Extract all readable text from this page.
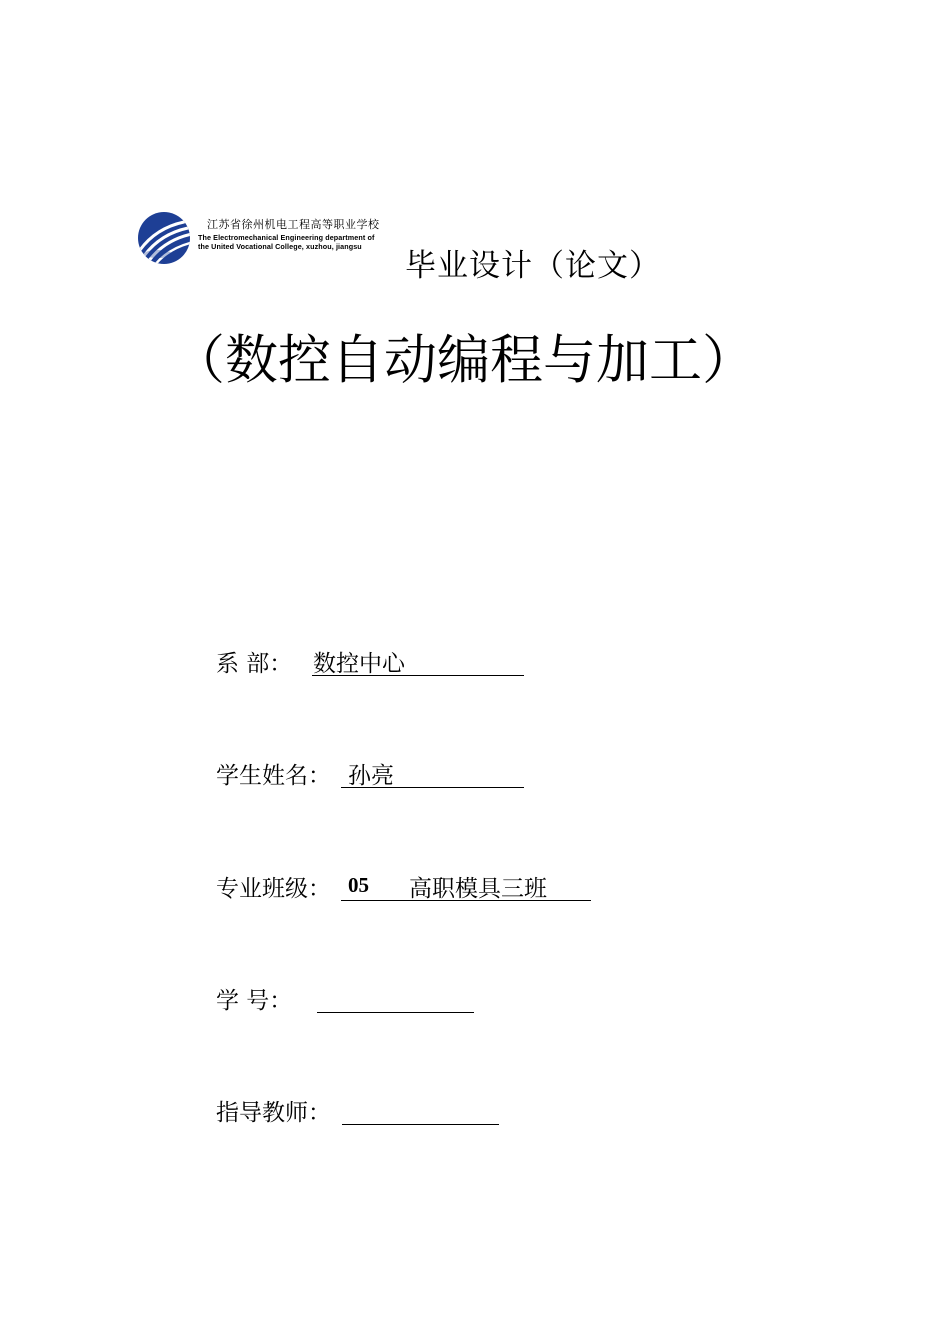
江苏省徐州机电工程高等职业学校
The Electromechanical Engineering department of
the United Vocational College, xuzhou, jiangsu
毕业设计（论文）
（数控自动编程与加工）
系 部： 数控中心
学生姓名： 孙亮
专业班级： 05 高职模具三班
学 号：
指导教师：
